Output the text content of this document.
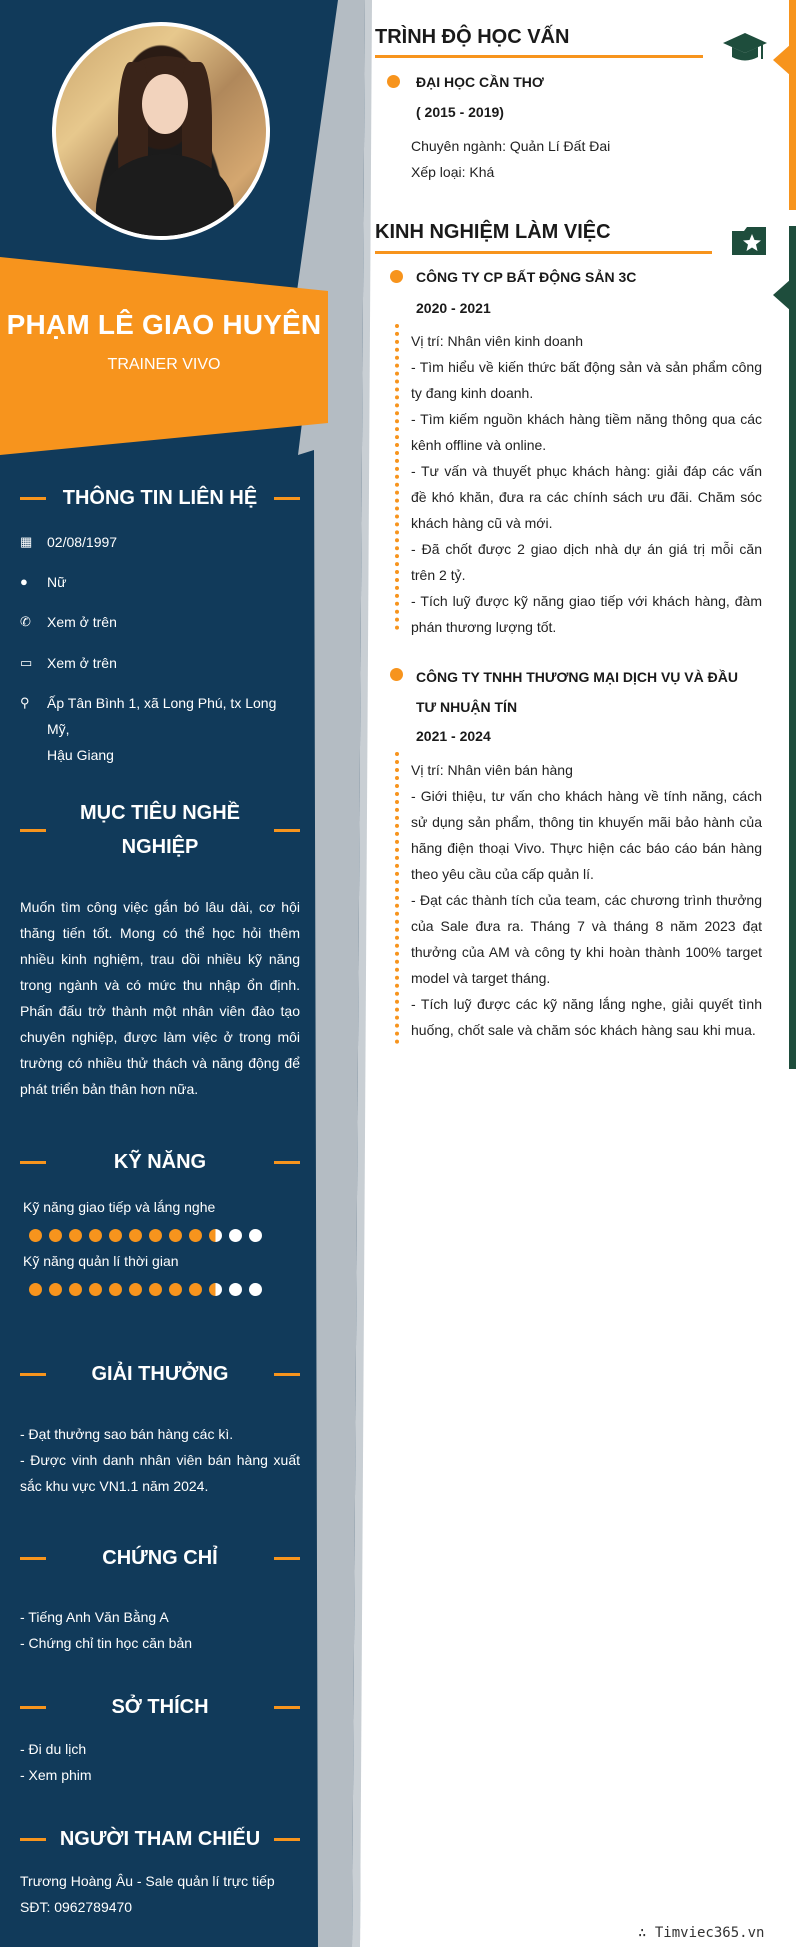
PHẠM LÊ GIAO HUYÊN
TRAINER VIVO
THÔNG TIN LIÊN HỆ
▦	02/08/1997
●	Nữ
✆	Xem ở trên
▭	Xem ở trên
⚲	Ấp Tân Bình 1, xã Long Phú, tx Long Mỹ,
Hậu Giang
MỤC TIÊU NGHỀ
NGHIỆP
Muốn tìm công việc gắn bó lâu dài, cơ hội thăng tiến tốt. Mong có thể học hỏi thêm nhiều kinh nghiệm, trau dồi nhiều kỹ năng trong ngành và có mức thu nhập ổn định. Phấn đấu trở thành một nhân viên đào tạo chuyên nghiệp, được làm việc ở trong môi trường có nhiều thử thách và năng động để phát triển bản thân hơn nữa.
KỸ NĂNG
Kỹ năng giao tiếp và lắng nghe
Kỹ năng quản lí thời gian
GIẢI THƯỞNG
- Đạt thưởng sao bán hàng các kì.
- Được vinh danh nhân viên bán hàng xuất sắc khu vực VN1.1 năm 2024.
CHỨNG CHỈ
- Tiếng Anh Văn Bằng A
- Chứng chỉ tin học căn bản
SỞ THÍCH
- Đi du lịch
- Xem phim
NGƯỜI THAM CHIẾU
Trương Hoàng Âu - Sale quản lí trực tiếp
SĐT: 0962789470
TRÌNH ĐỘ HỌC VẤN
ĐẠI HỌC CẦN THƠ
( 2015 - 2019)
Chuyên ngành: Quản Lí Đất Đai
Xếp loại: Khá
KINH NGHIỆM LÀM VIỆC
CÔNG TY CP BẤT ĐỘNG SẢN 3C
2020 - 2021
Vị trí: Nhân viên kinh doanh
- Tìm hiểu về kiến thức bất động sản và sản phẩm công ty đang kinh doanh.
- Tìm kiếm nguồn khách hàng tiềm năng thông qua các kênh offline và online.
- Tư vấn và thuyết phục khách hàng: giải đáp các vấn đề khó khăn, đưa ra các chính sách ưu đãi. Chăm sóc khách hàng cũ và mới.
- Đã chốt được 2 giao dịch nhà dự án giá trị mỗi căn trên 2 tỷ.
- Tích luỹ được kỹ năng giao tiếp với khách hàng, đàm phán thương lượng tốt.
CÔNG TY TNHH THƯƠNG MẠI DỊCH VỤ VÀ ĐẦU
TƯ NHUẬN TÍN
2021 - 2024
Vị trí: Nhân viên bán hàng
- Giới thiệu, tư vấn cho khách hàng về tính năng, cách sử dụng sản phẩm, thông tin khuyến mãi bảo hành của hãng điện thoại Vivo. Thực hiện các báo cáo bán hàng theo yêu cầu của cấp quản lí.
- Đạt các thành tích của team, các chương trình thưởng của Sale đưa ra. Tháng 7 và tháng 8 năm 2023 đạt thưởng của AM và công ty khi hoàn thành 100% target model và target tháng.
- Tích luỹ được các kỹ năng lắng nghe, giải quyết tình huống, chốt sale và chăm sóc khách hàng sau khi mua.
∴ Timviec365.vn
